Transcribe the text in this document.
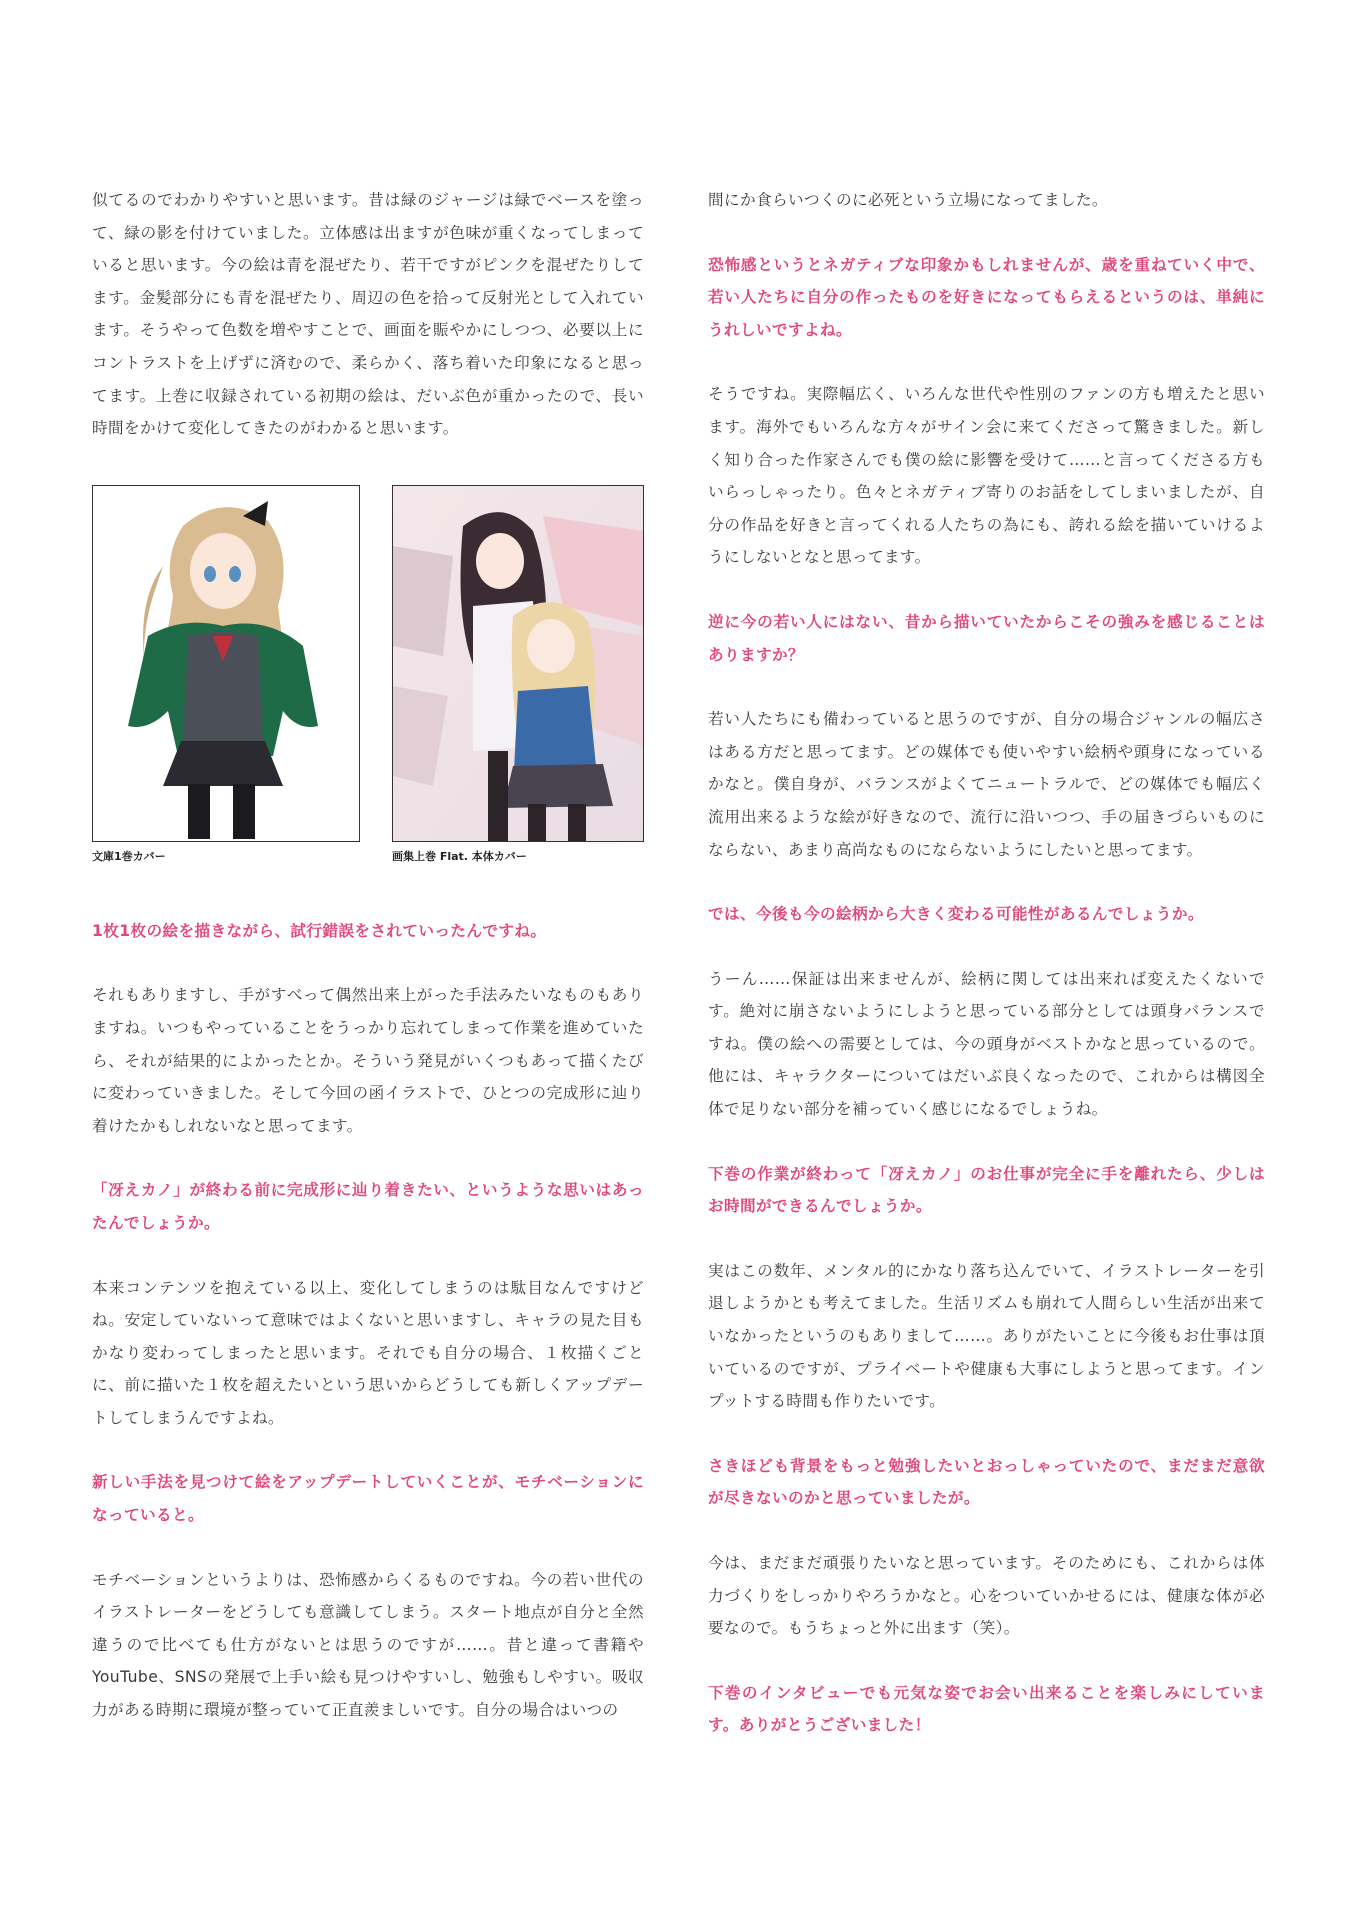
似てるのでわかりやすいと思います。昔は緑のジャージは緑でベースを塗って、緑の影を付けていました。立体感は出ますが色味が重くなってしまっていると思います。今の絵は青を混ぜたり、若干ですがピンクを混ぜたりしてます。金髪部分にも青を混ぜたり、周辺の色を拾って反射光として入れています。そうやって色数を増やすことで、画面を賑やかにしつつ、必要以上にコントラストを上げずに済むので、柔らかく、落ち着いた印象になると思ってます。上巻に収録されている初期の絵は、だいぶ色が重かったので、長い時間をかけて変化してきたのがわかると思います。

文庫1巻カバー	画集上巻 Flat. 本体カバー

1枚1枚の絵を描きながら、試行錯誤をされていったんですね。

それもありますし、手がすべって偶然出来上がった手法みたいなものもありますね。いつもやっていることをうっかり忘れてしまって作業を進めていたら、それが結果的によかったとか。そういう発見がいくつもあって描くたびに変わっていきました。そして今回の函イラストで、ひとつの完成形に辿り着けたかもしれないなと思ってます。

「冴えカノ」が終わる前に完成形に辿り着きたい、というような思いはあったんでしょうか。

本来コンテンツを抱えている以上、変化してしまうのは駄目なんですけどね。安定していないって意味ではよくないと思いますし、キャラの見た目もかなり変わってしまったと思います。それでも自分の場合、１枚描くごとに、前に描いた１枚を超えたいという思いからどうしても新しくアップデートしてしまうんですよね。

新しい手法を見つけて絵をアップデートしていくことが、モチベーションになっていると。

モチベーションというよりは、恐怖感からくるものですね。今の若い世代のイラストレーターをどうしても意識してしまう。スタート地点が自分と全然違うので比べても仕方がないとは思うのですが……。昔と違って書籍やYouTube、SNSの発展で上手い絵も見つけやすいし、勉強もしやすい。吸収力がある時期に環境が整っていて正直羨ましいです。自分の場合はいつの

間にか食らいつくのに必死という立場になってました。

恐怖感というとネガティブな印象かもしれませんが、歳を重ねていく中で、若い人たちに自分の作ったものを好きになってもらえるというのは、単純にうれしいですよね。

そうですね。実際幅広く、いろんな世代や性別のファンの方も増えたと思います。海外でもいろんな方々がサイン会に来てくださって驚きました。新しく知り合った作家さんでも僕の絵に影響を受けて……と言ってくださる方もいらっしゃったり。色々とネガティブ寄りのお話をしてしまいましたが、自分の作品を好きと言ってくれる人たちの為にも、誇れる絵を描いていけるようにしないとなと思ってます。

逆に今の若い人にはない、昔から描いていたからこその強みを感じることはありますか？

若い人たちにも備わっていると思うのですが、自分の場合ジャンルの幅広さはある方だと思ってます。どの媒体でも使いやすい絵柄や頭身になっているかなと。僕自身が、バランスがよくてニュートラルで、どの媒体でも幅広く流用出来るような絵が好きなので、流行に沿いつつ、手の届きづらいものにならない、あまり高尚なものにならないようにしたいと思ってます。

では、今後も今の絵柄から大きく変わる可能性があるんでしょうか。

うーん……保証は出来ませんが、絵柄に関しては出来れば変えたくないです。絶対に崩さないようにしようと思っている部分としては頭身バランスですね。僕の絵への需要としては、今の頭身がベストかなと思っているので。他には、キャラクターについてはだいぶ良くなったので、これからは構図全体で足りない部分を補っていく感じになるでしょうね。

下巻の作業が終わって「冴えカノ」のお仕事が完全に手を離れたら、少しはお時間ができるんでしょうか。

実はこの数年、メンタル的にかなり落ち込んでいて、イラストレーターを引退しようかとも考えてました。生活リズムも崩れて人間らしい生活が出来ていなかったというのもありまして……。ありがたいことに今後もお仕事は頂いているのですが、プライベートや健康も大事にしようと思ってます。インプットする時間も作りたいです。

さきほども背景をもっと勉強したいとおっしゃっていたので、まだまだ意欲が尽きないのかと思っていましたが。

今は、まだまだ頑張りたいなと思っています。そのためにも、これからは体力づくりをしっかりやろうかなと。心をついていかせるには、健康な体が必要なので。もうちょっと外に出ます（笑）。

下巻のインタビューでも元気な姿でお会い出来ることを楽しみにしています。ありがとうございました！
